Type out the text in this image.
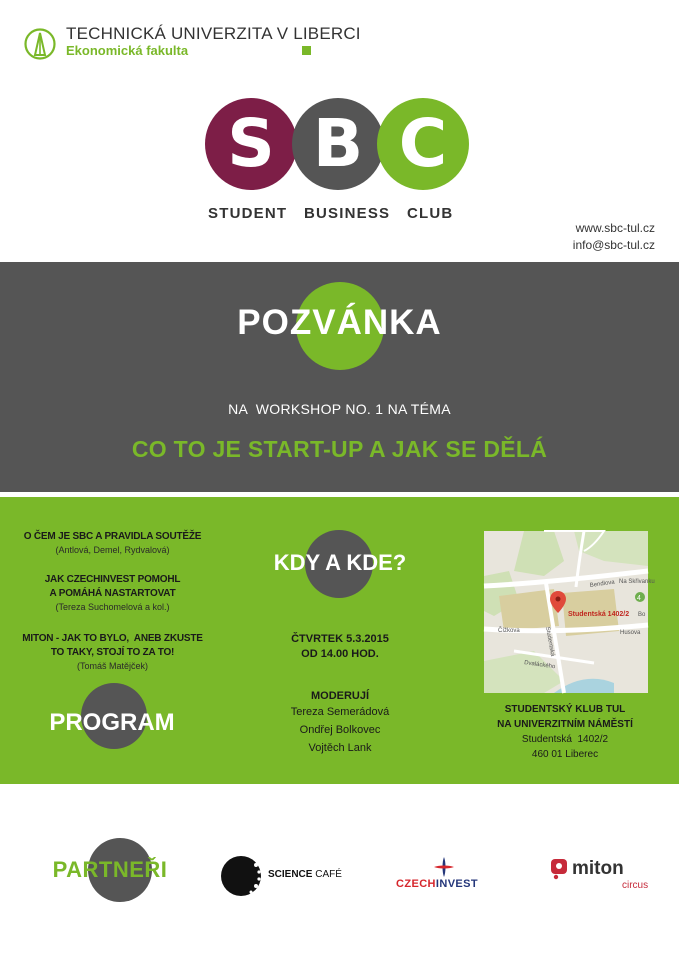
TECHNICKÁ UNIVERZITA V LIBERCI
Ekonomická fakulta
S B C
STUDENT  BUSINESS  CLUB
www.sbc-tul.cz
info@sbc-tul.cz
POZVÁNKA
NA  WORKSHOP NO. 1 NA TÉMA
CO TO JE START-UP A JAK SE DĚLÁ
O ČEM JE SBC A PRAVIDLA SOUTĚŽE
(Antlová, Demel, Rydvalová)
JAK CZECHINVEST POMOHL
A POMÁHÁ NASTARTOVAT
(Tereza Suchomelová a kol.)
MITON - JAK TO BYLO,  ANEB ZKUSTE
TO TAKY, STOJÍ TO ZA TO!
(Tomáš Matějček)
PROGRAM
KDY A KDE?
ČTVRTEK 5.3.2015
OD 14.00 HOD.
MODERUJÍ
Tereza Semerádová
Ondřej Bolkovec
Vojtěch Lank
4
Bendlova Na Skřivanku
Studentská
Čížkova	Husova
Dvaláckého
Studentská 1402/2 Bo
STUDENTSKÝ KLUB TUL
NA UNIVERZITNÍM NÁMĚSTÍ
Studentská  1402/2
460 01 Liberec
PARTNEŘI	SCIENCE CAFÉ
CZECHINVEST
miton
circus
